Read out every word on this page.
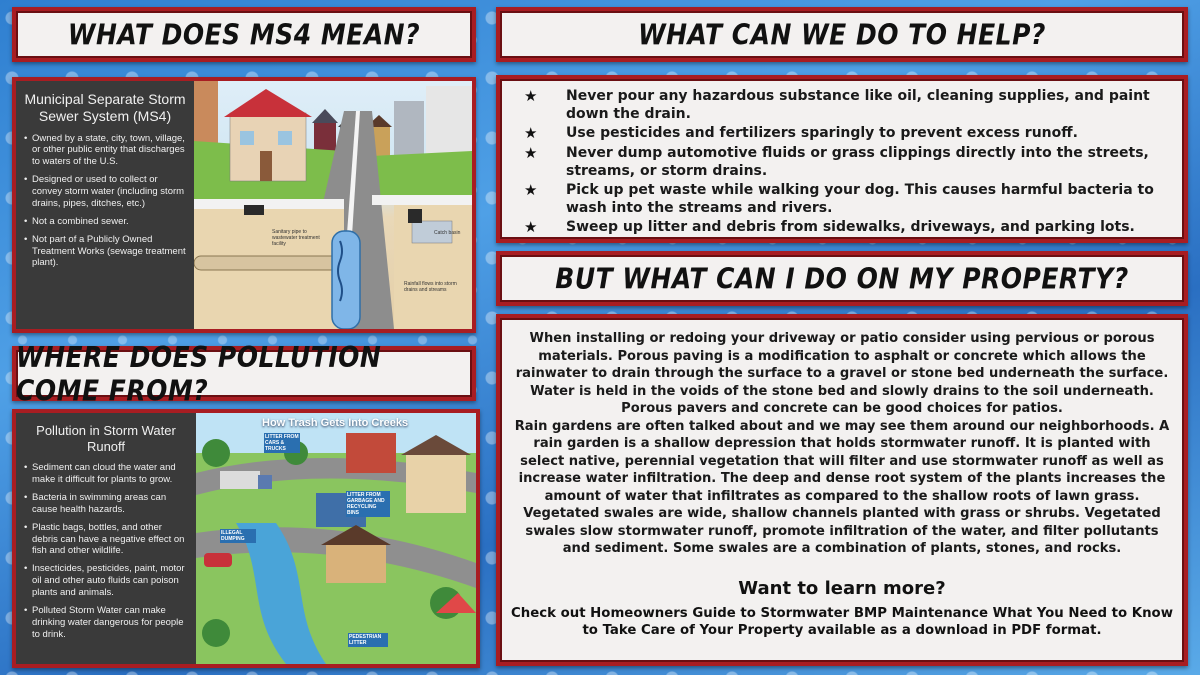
WHAT DOES MS4 MEAN?
Municipal Separate Storm Sewer System (MS4)
• Owned by a state, city, town, village, or other public entity that discharges to waters of the U.S.
• Designed or used to collect or convey storm water (including storm drains, pipes, ditches, etc.)
• Not a combined sewer.
• Not part of a Publicly Owned Treatment Works (sewage treatment plant).
Sanitary pipe to wastewater treatment facility
Catch basin
Rainfall flows into storm drains and streams
WHERE DOES POLLUTION COME FROM?
Pollution in Storm Water Runoff
• Sediment can cloud the water and make it difficult for plants to grow.
• Bacteria in swimming areas can cause health hazards.
• Plastic bags, bottles, and other debris can have a negative effect on fish and other wildlife.
• Insecticides, pesticides, paint, motor oil and other auto fluids can poison plants and animals.
• Polluted Storm Water can make drinking water dangerous for people to drink.
How Trash Gets Into Creeks
LITTER FROM CARS & TRUCKS
LITTER FROM GARBAGE AND RECYCLING BINS
ILLEGAL DUMPING
PEDESTRIAN LITTER
WHAT CAN WE DO TO HELP?
★ Never pour any hazardous substance like oil, cleaning supplies, and paint down the drain.
★ Use pesticides and fertilizers sparingly to prevent excess runoff.
★ Never dump automotive fluids or grass clippings directly into the streets, streams, or storm drains.
★ Pick up pet waste while walking your dog. This causes harmful bacteria to wash into the streams and rivers.
★ Sweep up litter and debris from sidewalks, driveways, and parking lots.
BUT WHAT CAN I DO ON MY PROPERTY?
When installing or redoing your driveway or patio consider using pervious or porous materials. Porous paving is a modification to asphalt or concrete which allows the rainwater to drain through the surface to a gravel or stone bed underneath the surface. Water is held in the voids of the stone bed and slowly drains to the soil underneath. Porous pavers and concrete can be good choices for patios.
Rain gardens are often talked about and we may see them around our neighborhoods. A rain garden is a shallow depression that holds stormwater runoff. It is planted with select native, perennial vegetation that will filter and use stormwater runoff as well as increase water infiltration. The deep and dense root system of the plants increases the amount of water that infiltrates as compared to the shallow roots of lawn grass. Vegetated swales are wide, shallow channels planted with grass or shrubs. Vegetated swales slow stormwater runoff, promote infiltration of the water, and filter pollutants and sediment. Some swales are a combination of plants, stones, and rocks.
Want to learn more?
Check out Homeowners Guide to Stormwater BMP Maintenance What You Need to Know to Take Care of Your Property available as a download in PDF format.
